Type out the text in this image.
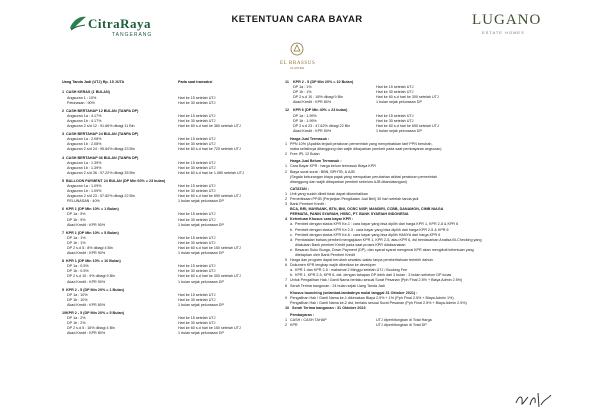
CitraRaya
TANGERANG
KETENTUAN CARA BAYAR	LUGANO
ESTATE HOMES
EL BRASSUS
CLUSTER
Uang Tanda Jadi (UTJ) Rp. 15 JUTA	Pada saat transaksi
1 CASH KERAS (1 BULAN)
Angsuran 1 : 10%	Hari ke 15 setelah UTJ
Pelunasan : 90%	Hari ke 30 setelah UTJ
2 CASH BERTAHAP 12 BULAN (TANPA DP)
Angsuran 1a : 4.17%	Hari ke 15 setelah UTJ
Angsuran 1b : 4.17%	Hari ke 30 setelah UTJ
Angsuran 2 s/d 12 : 91.66% dibagi 11 Bln	Hari ke 60 s.d hari ke 360 setelah UTJ
3 CASH BERTAHAP 24 BULAN (TANPA DP)
Angsuran 1a : 2.08%	Hari ke 15 setelah UTJ
Angsuran 1b : 2.08%	Hari ke 30 setelah UTJ
Angsuran 2 s/d 24 : 95.84% dibagi 23 Bln	Hari ke 60 s.d hari ke 720 setelah UTJ
4 CASH BERTAHAP 36 BULAN (TANPA DP)
Angsuran 1a : 1.39%	Hari ke 15 setelah UTJ
Angsuran 1b : 1.39%	Hari ke 30 setelah UTJ
Angsuran 2 s/d 36 : 97.22% dibagi 35 Bln	Hari ke 60 s.d hari ke 1.080 setelah UTJ
5 BALLOON PAYMENT 24 BULAN (DP Min 60% = 23 bulan)
Angsuran 1a : 1.09%	Hari ke 15 setelah UTJ
Angsuran 1b : 1.09%	Hari ke 30 setelah UTJ
Angsuran 2 s/d 23 : 57.82% dibagi 22 Bln	Hari ke 60 s.d hari ke 690 setelah UTJ
PELUNASAN : 40%	1 bulan sejak pelunasan DP
6 KPR 1 (DP Min 10% = 1 Bulan)
DP 1a : 5%	Hari ke 15 setelah UTJ
DP 1b : 5%	Hari ke 30 setelah UTJ
Akad Kredit : KPR 90%	1 bulan sejak pelunasan DP
7 KPR 1 (DP Min 10% = 5 Bulan)
DP 1a : 1%	Hari ke 15 setelah UTJ
DP 1b : 1%	Hari ke 30 setelah UTJ
DP 2 s.d 5 : 8% dibagi 4 Bln	Hari ke 60 s.d hari ke 150 setelah UTJ
Akad Kredit : KPR 90%	1 bulan sejak pelunasan DP
8 KPR 1 (DP Min 10% = 10 Bulan)
DP 1a : 0.5%	Hari ke 15 setelah UTJ
DP 1b : 0.5%	Hari ke 30 setelah UTJ
DP 2 s.d 10 : 9% dibagi 9 Bln	Hari ke 60 s.d hari ke 300 setelah UTJ
Akad Kredit : KPR 90%	1 bulan sejak pelunasan DP
9 KPR 2 - 5 (DP Min 20% = 1 Bulan)
DP 1a : 10%	Hari ke 15 setelah UTJ
DP 1b : 10%	Hari ke 30 setelah UTJ
Akad Kredit : KPR 80%	1 bulan sejak pelunasan DP
10 KPR 2 - 5 (DP Min 20% = 5 Bulan)
DP 1a : 2%	Hari ke 15 setelah UTJ
DP 1b : 2%	Hari ke 30 setelah UTJ
DP 2 s.d 5 : 16% dibagi 4 Bln	Hari ke 60 s.d hari ke 150 setelah UTJ
Akad Kredit : KPR 80%	1 bulan sejak pelunasan DP
11 KPR 2 - 5 (DP Min 20% = 10 Bulan)
DP 1a : 1%	Hari ke 15 setelah UTJ
DP 1b : 1%	Hari ke 30 setelah UTJ
DP 2 s.d 10 : 18% dibagi 9 Bln	Hari ke 60 s.d hari ke 300 setelah UTJ
Akad Kredit : KPR 80%	1 bulan sejak pelunasan DP
12 KPR 6 (DP Min 40% = 23 bulan)
DP 1a : 1.99%	Hari ke 15 setelah UTJ
DP 1b : 1.99%	Hari ke 30 setelah UTJ
DP 2 s.d 23 : 47.62% dibagi 22 Bln	Hari ke 60 s.d hari ke 690 setelah UTJ
Akad Kredit : KPR 50%	1 bulan sejak pelunasan DP
Harga Jual Termasuk :
1 PPN 10% (Apabila terjadi peraturan pemerintah yang menyebabkan tarif PPN berubah,
maka selisihnya ditanggung dan wajib dibayarkan pembeli pada saat pembayaran angsuran)
2 Free IPL 12 Bulan
Harga Jual Belum Termasuk :
1 Cara Bayar KPR : harga belum termasuk Biaya KPR
2 Biaya surat surat : BBN, BPHTB, & AJB
(Segala kekurangan biaya pajak yang merupakan perubahan akibat peraturan pemerintah
ditanggung dan wajib dibayarkan pembeli sebelum AJB ditandatangani)
CATATAN :
1 Unit yang sudah dibeli tidak dapat dikembalikan
2 Pemeriksaan PPJB (Perjanjian Pengikatan Jual Beli) 30 hari setelah tanda jadi
3 Bank Pemberi Kredit :
BCA, BRI, MAYBANK, BTN, BNI, OCBC NISP, MANDIRI, CCBB, DANAMON, CIMB NIAGA
PERMATA, PANIN SYARIAH, HSBC, PT. BANK SYARIAH INDONESIA
4 Ketentuan Khusus cara bayar KPR :
a. Pembeli dengan status KPR Ke-1 : cara bayar yang bisa dipilih dari harga KPR 1, KPR 2-5 & KPR 6
b. Pembeli dengan status KPR Ke 2-5 : cara bayar yang bisa dipilih dari harga KPR 2-5 & KPR 6
c. Pembeli dengan status KPR Ke-6 : cara bayar yang bisa dipilih HANYA dari harga KPR 6
d. Pembatalan bahwa pembeli mengajukan KPR 1, KPR 2-5, atau KPR 6, dsl berdasarkan Analisa BI-Checking yang
dilakukan Bank pemberi Kredit pada saat proses KPR dilaksanakan
e. Besaran Suku Bunga, Down Payment (DP), dan syarat syarat mengenai KPR akan mengikuti ketentuan yang
ditetapkan oleh Bank Pemberi Kredit
5 Harga dan program dapat berubah sewaktu-waktu tanpa pemberitahuan terlebih dahulu
6 Dokumen KPR lengkap wajib diberikan ke developer
a. KPR 1 dan KPR 2-5 : maksimal 2 Minggu setelah UTJ / Booking Fee
b. KPR 1, KPR 2-5, KPR 6, dst. dengan tahapan DP lebih dari 3 bulan : 3 bulan sebelum DP lunas
7 Untuk Pengalihan Hak / Ganti Nama berlaku sesuai Surat Pesanan (Pph Final 2.5% + Biaya Admin 2.5%)
8 Serah Terima bangunan : 24 bulan sejak Uang Tanda Jadi
Khusus launching (selambat-lambatnya mulai tanggal 31 Oktober 2021) :
9 Pengalihan Hak / Ganti Nama ke-1 dikenakan Biaya 2.5% + 1% (Pph Final 2.5% + Biaya Admin 1%)
Pengalihan Hak / Ganti Nama ke-2 dst, berlaku sesuai Surat Pesanan (Pph Final 2.5% + Biaya Admin 2.5%)
10 Serah Terima bangunan : 31 Oktober 2023
Pembayaran :
1 CASH / CASH TAHAP	UTJ diperhitungkan di Total Harga
2 KPR	UTJ diperhitungkan di Total DP
